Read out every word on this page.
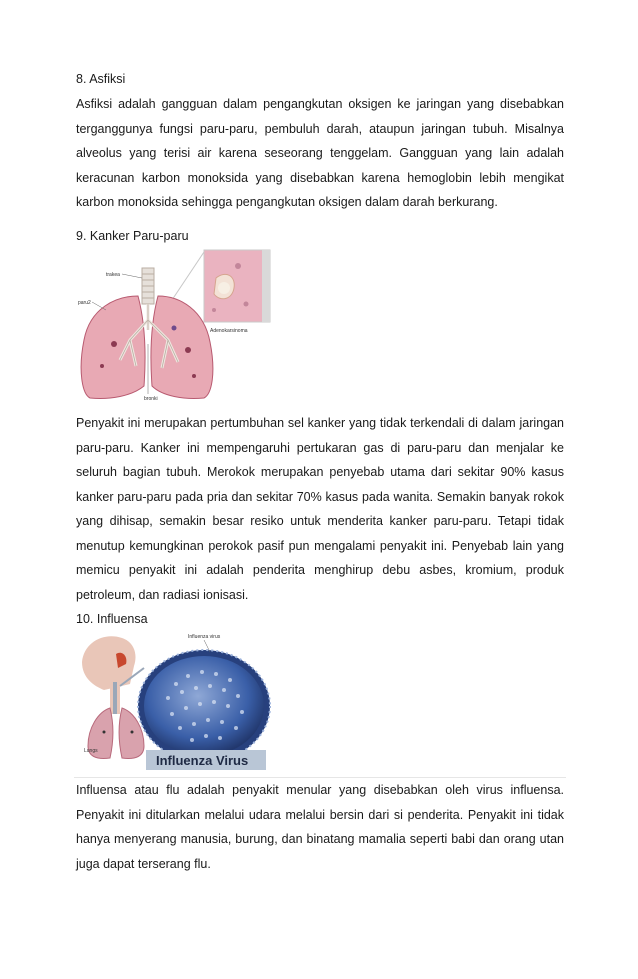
8. Asfiksi

Asfiksi adalah gangguan dalam pengangkutan oksigen ke jaringan yang disebabkan terganggunya fungsi paru-paru, pembuluh darah, ataupun jaringan tubuh. Misalnya alveolus yang terisi air karena seseorang tenggelam. Gangguan yang lain adalah keracunan karbon monoksida yang disebabkan karena hemoglobin lebih mengikat karbon monoksida sehingga pengangkutan oksigen dalam darah berkurang.

9. Kanker Paru-paru
trakea
paru2
Adenokarsinoma
bronki

Penyakit ini merupakan pertumbuhan sel kanker yang tidak terkendali di dalam jaringan paru-paru. Kanker ini mempengaruhi pertukaran gas di paru-paru dan menjalar ke seluruh bagian tubuh. Merokok merupakan penyebab utama dari sekitar 90% kasus kanker paru-paru pada pria dan sekitar 70% kasus pada wanita. Semakin banyak rokok yang dihisap, semakin besar resiko untuk menderita kanker paru-paru. Tetapi tidak menutup kemungkinan perokok pasif pun mengalami penyakit ini. Penyebab lain yang memicu penyakit ini adalah penderita menghirup debu asbes, kromium, produk petroleum, dan radiasi ionisasi.

10. Influensa
Influenza virus
Lungs
Influenza Virus

Influensa atau flu adalah penyakit menular yang disebabkan oleh virus influensa. Penyakit ini ditularkan melalui udara melalui bersin dari si penderita. Penyakit ini tidak hanya menyerang manusia, burung, dan binatang mamalia seperti babi dan orang utan juga dapat terserang flu.
